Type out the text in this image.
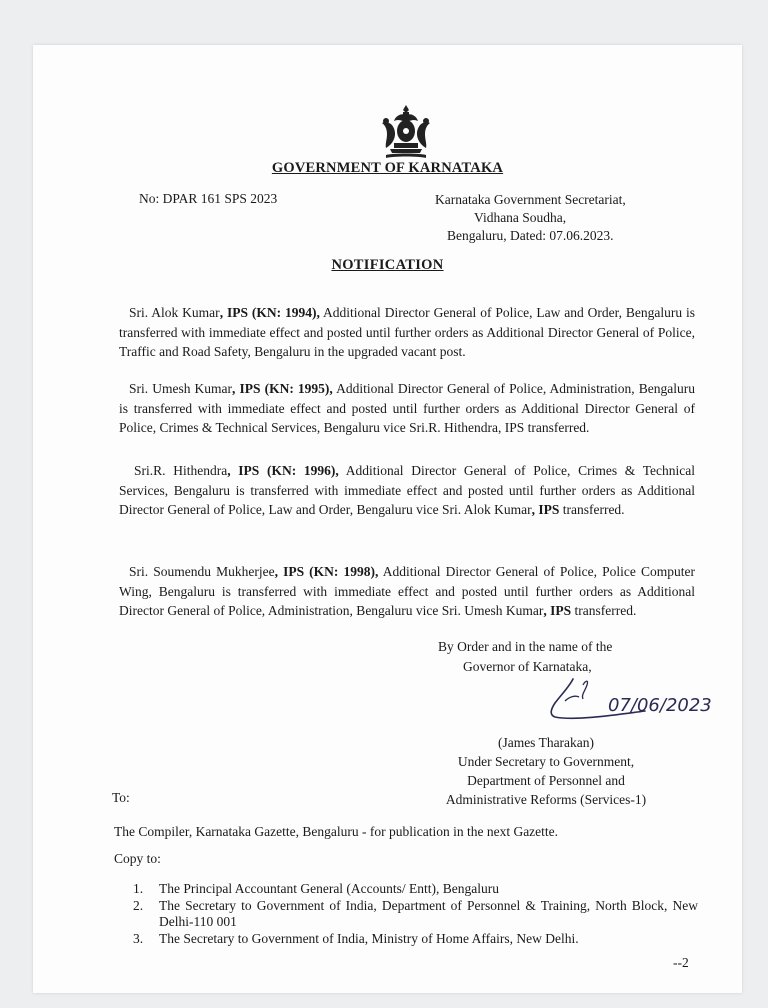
GOVERNMENT OF KARNATAKA
No: DPAR 161 SPS 2023	Karnataka Government Secretariat,
Vidhana Soudha,
Bengaluru, Dated: 07.06.2023.
NOTIFICATION
Sri. Alok Kumar, IPS (KN: 1994), Additional Director General of Police, Law and Order, Bengaluru is transferred with immediate effect and posted until further orders as Additional Director General of Police, Traffic and Road Safety, Bengaluru in the upgraded vacant post.
Sri. Umesh Kumar, IPS (KN: 1995), Additional Director General of Police, Administration, Bengaluru is transferred with immediate effect and posted until further orders as Additional Director General of Police, Crimes & Technical Services, Bengaluru vice Sri.R. Hithendra, IPS transferred.
Sri.R. Hithendra, IPS (KN: 1996), Additional Director General of Police, Crimes & Technical Services, Bengaluru is transferred with immediate effect and posted until further orders as Additional Director General of Police, Law and Order, Bengaluru vice Sri. Alok Kumar, IPS transferred.
Sri. Soumendu Mukherjee, IPS (KN: 1998), Additional Director General of Police, Police Computer Wing, Bengaluru is transferred with immediate effect and posted until further orders as Additional Director General of Police, Administration, Bengaluru vice Sri. Umesh Kumar, IPS transferred.
By Order and in the name of the
Governor of Karnataka,
07/06/2023
(James Tharakan)
Under Secretary to Government,
Department of Personnel and
Administrative Reforms (Services-1)
To:
The Compiler, Karnataka Gazette, Bengaluru - for publication in the next Gazette.
Copy to:
1. The Principal Accountant General (Accounts/ Entt), Bengaluru
2. The Secretary to Government of India, Department of Personnel & Training, North Block, New Delhi-110 001
3. The Secretary to Government of India, Ministry of Home Affairs, New Delhi.
--2
